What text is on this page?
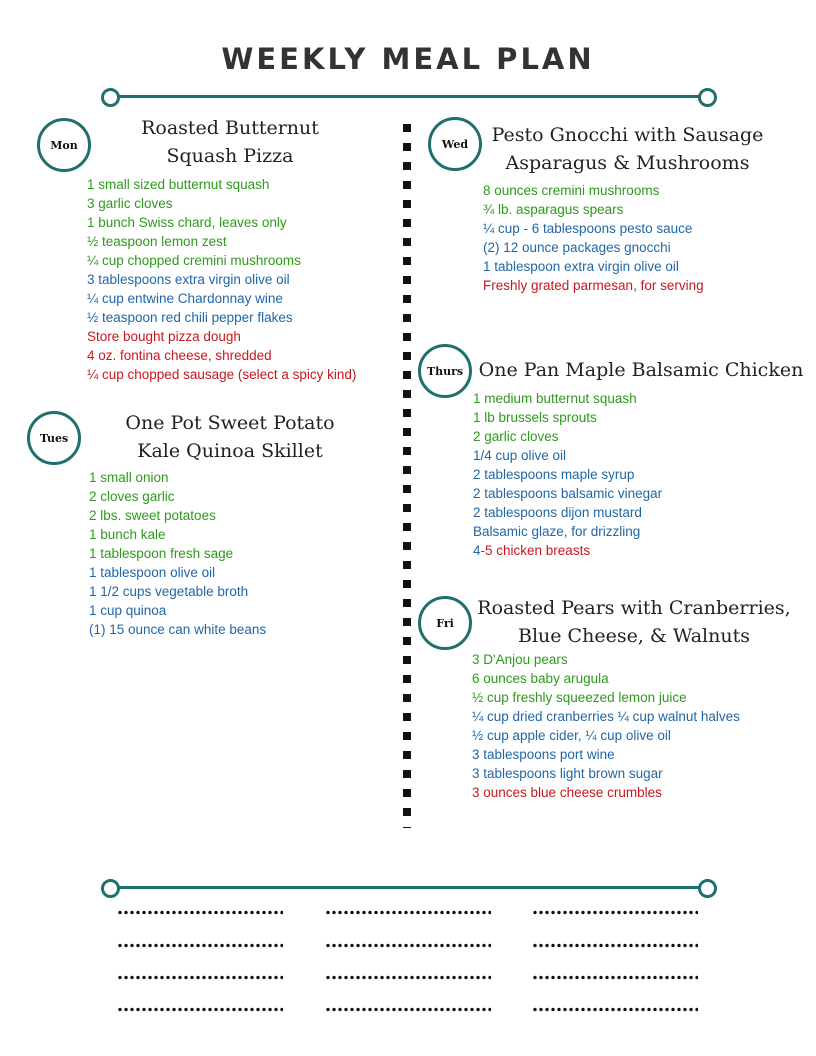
WEEKLY MEAL PLAN
Mon
Roasted Butternut
Squash Pizza
1 small sized butternut squash
3 garlic cloves
1 bunch Swiss chard, leaves only
½ teaspoon lemon zest
¼ cup chopped cremini mushrooms
3 tablespoons extra virgin olive oil
¼ cup entwine Chardonnay wine
½ teaspoon red chili pepper flakes
Store bought pizza dough
4 oz. fontina cheese, shredded
¼ cup chopped sausage (select a spicy kind)
Tues
One Pot Sweet Potato
Kale Quinoa Skillet
1 small onion
2 cloves garlic
2 lbs. sweet potatoes
1 bunch kale
1 tablespoon fresh sage
1 tablespoon olive oil
1 1/2 cups vegetable broth
1 cup quinoa
(1) 15 ounce can white beans
Wed	Pesto Gnocchi with Sausage
Asparagus & Mushrooms
8 ounces cremini mushrooms
¾ lb. asparagus spears
¼ cup - 6 tablespoons pesto sauce
(2) 12 ounce packages gnocchi
1 tablespoon extra virgin olive oil
Freshly grated parmesan, for serving
Thurs One Pan Maple Balsamic Chicken
1 medium butternut squash
1 lb brussels sprouts
2 garlic cloves
1/4 cup olive oil
2 tablespoons maple syrup
2 tablespoons balsamic vinegar
2 tablespoons dijon mustard
Balsamic glaze, for drizzling
4-5 chicken breasts
Fri
Roasted Pears with Cranberries,
Blue Cheese, & Walnuts
3 D'Anjou pears
6 ounces baby arugula
½ cup freshly squeezed lemon juice
¼ cup dried cranberries ¼ cup walnut halves
½ cup apple cider, ¼ cup olive oil
3 tablespoons port wine
3 tablespoons light brown sugar
3 ounces blue cheese crumbles
